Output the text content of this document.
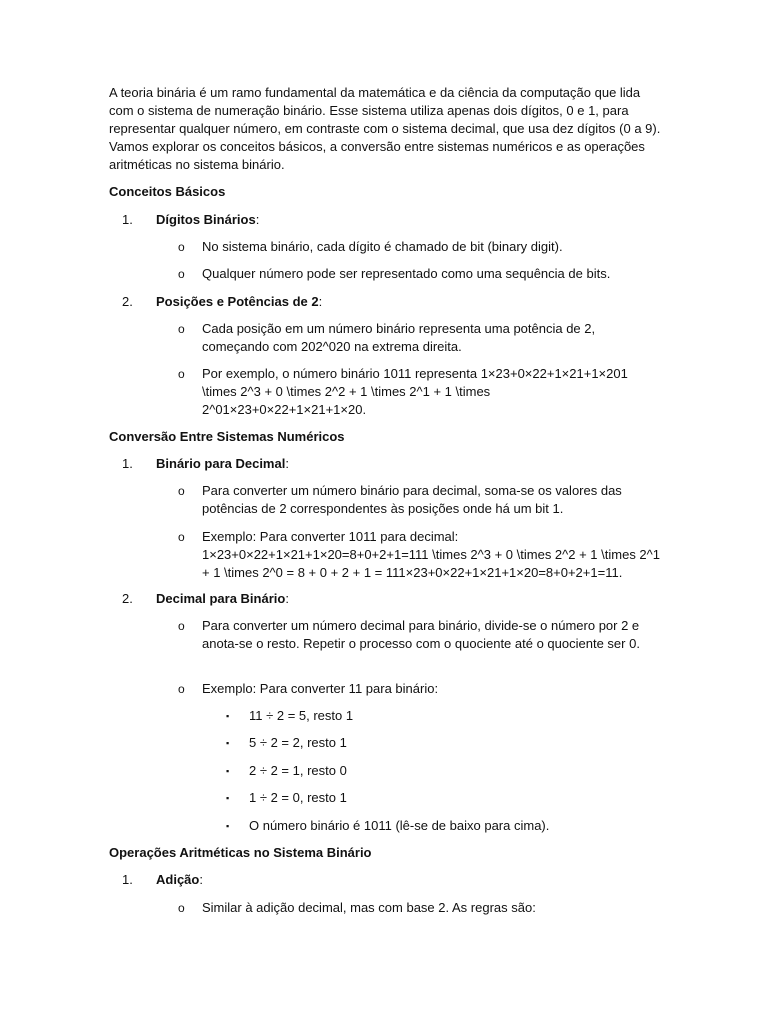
A teoria binária é um ramo fundamental da matemática e da ciência da computação que lida com o sistema de numeração binário. Esse sistema utiliza apenas dois dígitos, 0 e 1, para representar qualquer número, em contraste com o sistema decimal, que usa dez dígitos (0 a 9). Vamos explorar os conceitos básicos, a conversão entre sistemas numéricos e as operações aritméticas no sistema binário.

Conceitos Básicos

1. Dígitos Binários:

o	No sistema binário, cada dígito é chamado de bit (binary digit).
o	Qualquer número pode ser representado como uma sequência de bits.

2. Posições e Potências de 2:

o	Cada posição em um número binário representa uma potência de 2, começando com 202^020 na extrema direita.
o	Por exemplo, o número binário 1011 representa 1×23+0×22+1×21+1×201 \times 2^3 + 0 \times 2^2 + 1 \times 2^1 + 1 \times 2^01×23+0×22+1×21+1×20.

Conversão Entre Sistemas Numéricos

1. Binário para Decimal:

o	Para converter um número binário para decimal, soma-se os valores das potências de 2 correspondentes às posições onde há um bit 1.
o	Exemplo: Para converter 1011 para decimal: 1×23+0×22+1×21+1×20=8+0+2+1=111 \times 2^3 + 0 \times 2^2 + 1 \times 2^1 + 1 \times 2^0 = 8 + 0 + 2 + 1 = 111×23+0×22+1×21+1×20=8+0+2+1=11.

2. Decimal para Binário:

o	Para converter um número decimal para binário, divide-se o número por 2 e anota-se o resto. Repetir o processo com o quociente até o quociente ser 0.
o	Exemplo: Para converter 11 para binário:
▪	11 ÷ 2 = 5, resto 1
▪	5 ÷ 2 = 2, resto 1
▪	2 ÷ 2 = 1, resto 0
▪	1 ÷ 2 = 0, resto 1
▪	O número binário é 1011 (lê-se de baixo para cima).

Operações Aritméticas no Sistema Binário

1. Adição:

o	Similar à adição decimal, mas com base 2. As regras são:
